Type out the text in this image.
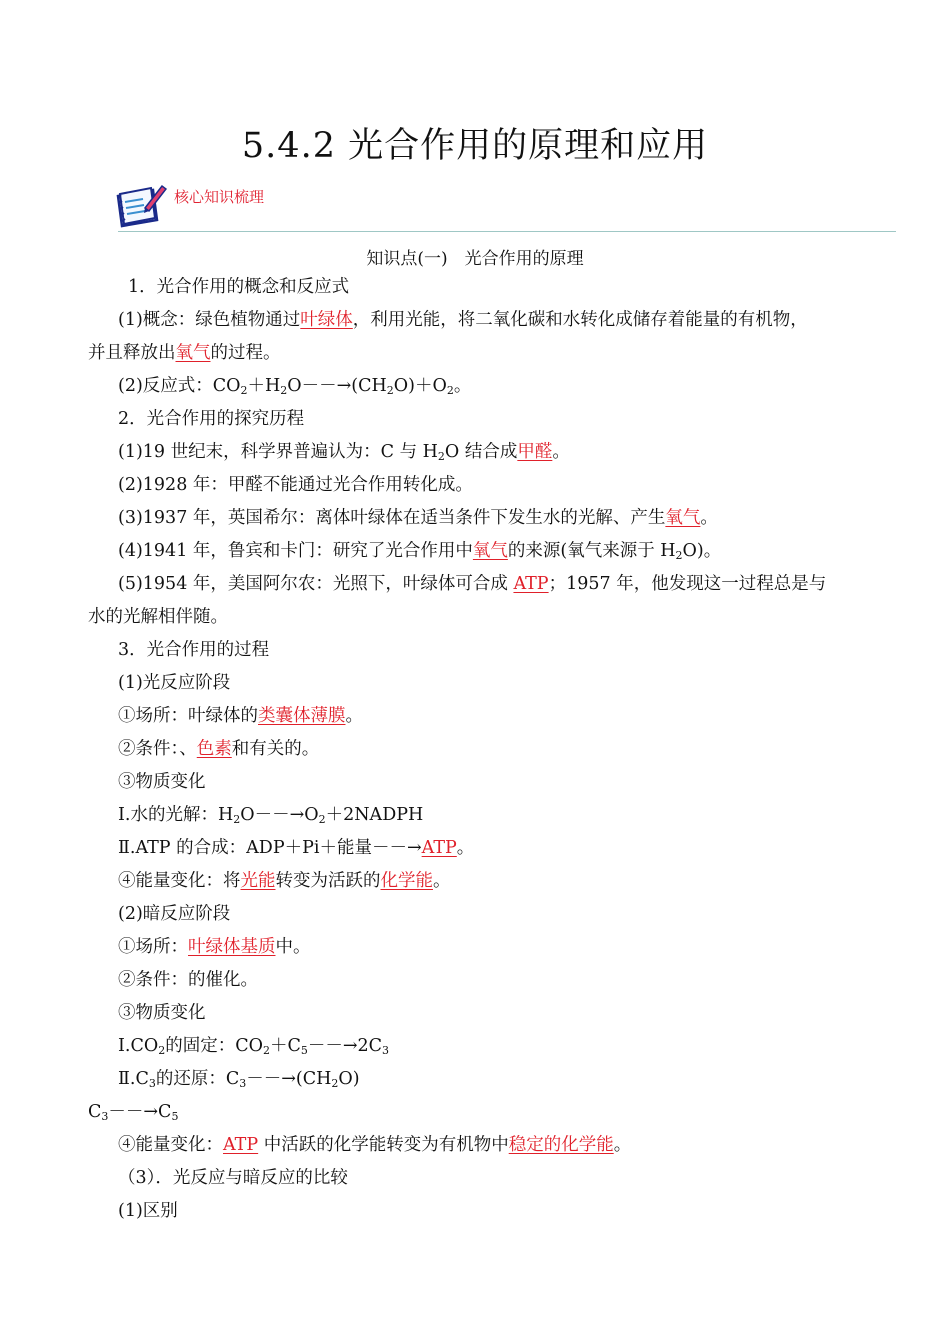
5.4.2 光合作用的原理和应用
核心知识梳理
知识点(一)　光合作用的原理
1．光合作用的概念和反应式
(1)概念：绿色植物通过叶绿体，利用光能，将二氧化碳和水转化成储存着能量的有机物，
并且释放出氧气的过程。
(2)反应式：$CO_2+H_2O--\to(CH_2O)+O_2$。
2．光合作用的探究历程
(1)19 世纪末，科学界普遍认为：C 与 $H_2O$ 结合成甲醛。
(2)1928 年：甲醛不能通过光合作用转化成。
(3)1937 年，英国希尔：离体叶绿体在适当条件下发生水的光解、产生氧气。
(4)1941 年，鲁宾和卡门：研究了光合作用中氧气的来源(氧气来源于 $H_2O$)。
(5)1954 年，美国阿尔农：光照下，叶绿体可合成 ATP；1957 年，他发现这一过程总是与
水的光解相伴随。
3．光合作用的过程
(1)光反应阶段
①场所：叶绿体的类囊体薄膜。
②条件：、色素和有关的。
③物质变化
Ⅰ.水的光解：$H_2O--\to O_2+2NADPH$
Ⅱ.ATP 的合成：ADP＋Pi＋能量－－→ATP。
④能量变化：将光能转变为活跃的化学能。
(2)暗反应阶段
①场所：叶绿体基质中。
②条件：的催化。
③物质变化
$Ⅰ.CO_2$的固定：$CO_2+C_5--\to 2C_3$
$Ⅱ.C_3$的还原：$C_3--\to(CH_2O)$
$C_3--\to C_5$
④能量变化：ATP 中活跃的化学能转变为有机物中稳定的化学能。
（3）．光反应与暗反应的比较
(1)区别
